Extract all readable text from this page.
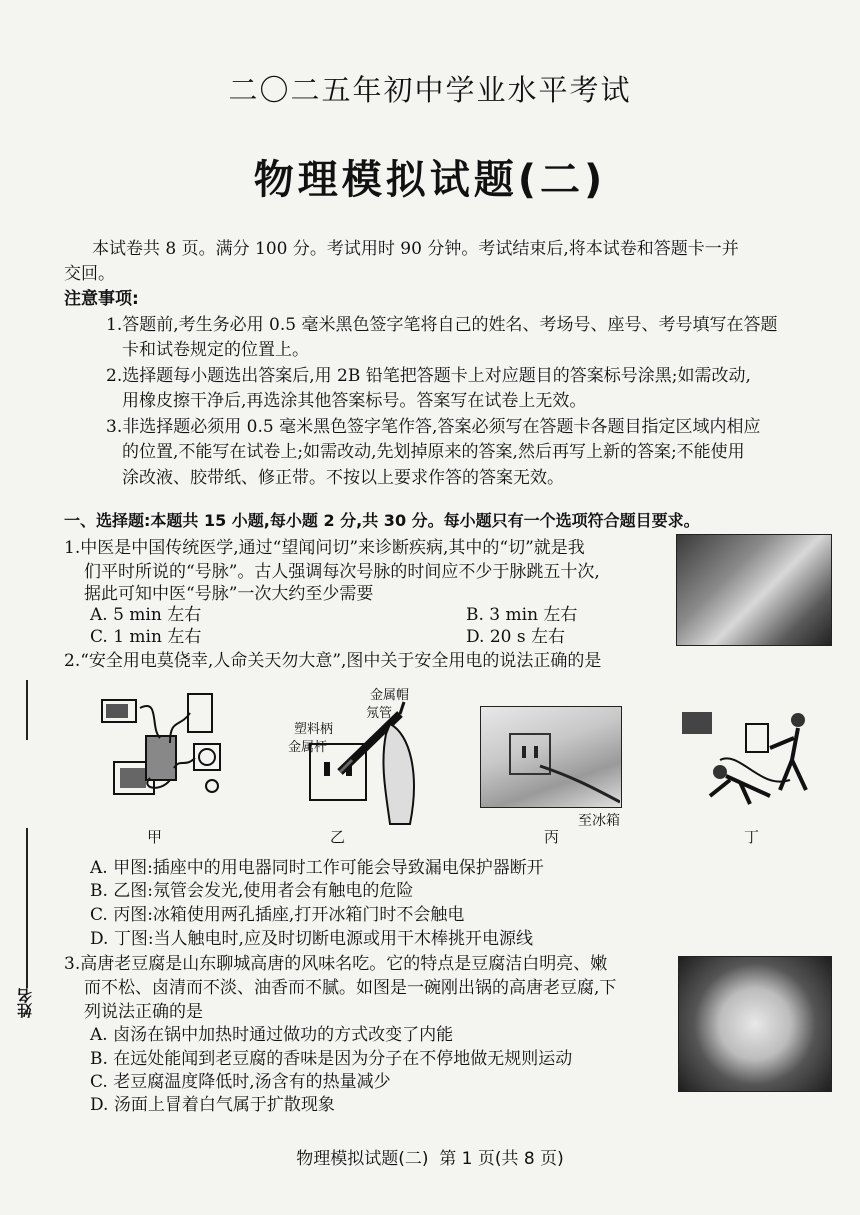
二〇二五年初中学业水平考试
物理模拟试题(二)
本试卷共 8 页。满分 100 分。考试用时 90 分钟。考试结束后,将本试卷和答题卡一并
交回。
注意事项:
1.答题前,考生务必用 0.5 毫米黑色签字笔将自己的姓名、考场号、座号、考号填写在答题
卡和试卷规定的位置上。
2.选择题每小题选出答案后,用 2B 铅笔把答题卡上对应题目的答案标号涂黑;如需改动,
用橡皮擦干净后,再选涂其他答案标号。答案写在试卷上无效。
3.非选择题必须用 0.5 毫米黑色签字笔作答,答案必须写在答题卡各题目指定区域内相应
的位置,不能写在试卷上;如需改动,先划掉原来的答案,然后再写上新的答案;不能使用
涂改液、胶带纸、修正带。不按以上要求作答的答案无效。
一、选择题:本题共 15 小题,每小题 2 分,共 30 分。每小题只有一个选项符合题目要求。
1.中医是中国传统医学,通过“望闻问切”来诊断疾病,其中的“切”就是我
们平时所说的“号脉”。古人强调每次号脉的时间应不少于脉跳五十次,
据此可知中医“号脉”一次大约至少需要
A. 5 min 左右	B. 3 min 左右
C. 1 min 左右	D. 20 s 左右
2.“安全用电莫侥幸,人命关天勿大意”,图中关于安全用电的说法正确的是
甲
金属帽
氖管
塑料柄
金属杆
乙
至冰箱
丙	丁
A. 甲图:插座中的用电器同时工作可能会导致漏电保护器断开
B. 乙图:氖管会发光,使用者会有触电的危险
C. 丙图:冰箱使用两孔插座,打开冰箱门时不会触电
D. 丁图:当人触电时,应及时切断电源或用干木棒挑开电源线
3.高唐老豆腐是山东聊城高唐的风味名吃。它的特点是豆腐洁白明亮、嫩
而不松、卤清而不淡、油香而不腻。如图是一碗刚出锅的高唐老豆腐,下
列说法正确的是
A. 卤汤在锅中加热时通过做功的方式改变了内能
B. 在远处能闻到老豆腐的香味是因为分子在不停地做无规则运动
C. 老豆腐温度降低时,汤含有的热量减少
D. 汤面上冒着白气属于扩散现象
姓名
物理模拟试题(二)  第 1 页(共 8 页)
